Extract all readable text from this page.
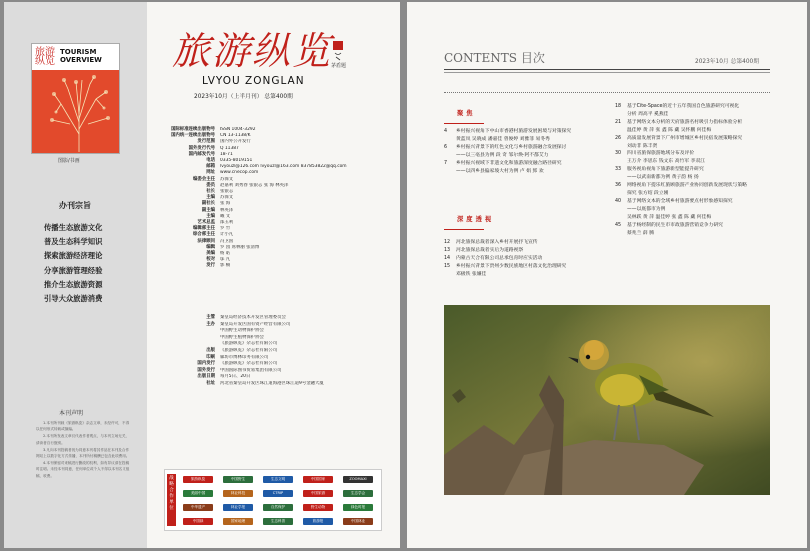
旅游纵览
TOURISM
OVERVIEW
图影/书画
办刊宗旨
传播生态旅游文化
普及生态科学知识
探索旅游经济理论
分享旅游管理经验
推介生态旅游资源
引导大众旅游消费
本刊声明

1.本刊所刊载《旅游纵览》杂志文章，未经许可，不得以任何形式转载或摘编。

2.本刊所发表文章仅代表作者观点，与本刊立场无关，请读者自行甄别。

3.凡向本刊投稿者视为同意本刊将其作品在本刊及合作网站上以数字化方式传播，本刊所付稿酬已包含此项费用。

4.本刊保留对来稿进行删改的权利，如有异议请在投稿时注明。未经本刊同意，任何单位或个人不得以本刊名义组稿、收费。

旅游纵览
茅盾题
LVYOU ZONGLAN
2023年10月（上半月刊） 总第400期
国际标准连续出版物号	ISSN 1004-3292
国内统一连续出版物号	CN 13-1138/K
发行范围	国内外公开发行
国外发行代号	Q 11387
国内邮发代号	18-71
电话	0335-8019151
邮箱	lvyouzl@126.com lvyouzl@163.com 837853822@qq.com
网址	www.cnecop.com
编委会主任	苏保文
委员	赵嘉利 刘秀春 张银志 张 海 林英泽
社长	张银志
主编	苏保文
副社长	张 海
副主编	林英泽
主编	曦 文
艺术总监	邵玉利
编辑部主任	罗 竹
综合部主任	计小凡
法律顾问	冯卫国
编辑	罗 园 席林丽 张清博
美编	杨 皓
校对	邬 凡
发行	郭 楠
主管	秦皇岛经济技术开发区管理委员会
主办	秦皇岛开发区国有资产经营有限公司
中国野生动物保护协会
中国野生植物保护协会
《旅游纵览》杂志社有限公司
出版	《旅游纵览》杂志社有限公司
印刷	廊坊市博林印务有限公司
国内发行	《旅游纵览》杂志社有限公司
国外发行	中国国际图书贸易集团有限公司
出版日期	每月5日、20日
社址	河北省秦皇岛开发区珠江道海港区珠江道9号金融大厦
战略合作单位
旅游纵览	中国野生	生态文明	中国国家	ZOOMAXI
美丽中国	林业科技	CTRIP	中国旅游	生态学会
中华遗产	林业学报	自然保护	野生动物	绿色时报
中国绿	国家地理	生态科普	旅游报	中国林业
CONTENTS 目次	2023年10月 总第400期
聚焦
4	乡村振兴视角下中山市香港村旅游发展困境与对策探究
黄蓝岚 吴晓成 潘嘉佳 曾俊婷 刘雅菲 易冬秀
6	乡村振兴背景下的红色文化与乡村旅游融合发展探讨
——以三亳县为例 段 奇 邹尔焕·阿不都艾力
7	乡村振兴视域下非遗文化和旅游深度融合路径研究
——以四乡县偏家坡大村为例 卢 娟 郅 欢
深度透视
12	河北旅保总裁者深入乡村开展抒飞宣传
13	河北旅保总裁者实后为道路视察
14	内蒙古天合有限公司总承包育时应实活动
15	乡村振兴背景下贵州少数民族地区村落文化治理研究
邓极铁 张嫌佳
18	基于Cite-Space的近十五年我国自色旅游研究可视化
分析 周高平 奚燕佳
21	基于网络文本分析的天府旅游名村吸引力指标体验分析
温佳婷 黄 萍 张 鑫 陈 藏 吴怀鹏 何佳梅
26	高质量发展背景下广州市增城区乡村民宿发展策略探究
刘动非 陈丰贤
30	四川省旅保旅游地域分布及评价
王万介 李思东 钱文东 高竹军 李双江
33	服务视角视角下旅游新型能提升研究
——以武南新都为例 黄子韵 杨 扬
36	网络视角下提乐红旅顾旅游产业协同创新发展现状与策略
探究 张方绍 段立刚
40	基于网络文本的全域乡村旅游要点村形象感知探究
——以底都市为例
吴林跃 黄 萍 温佳婷 张 鑫 陈 藏 何佳梅
45	基于杨经制的民生市市政旅游营销竞争力研究
蔡兆兰 薛 腾
